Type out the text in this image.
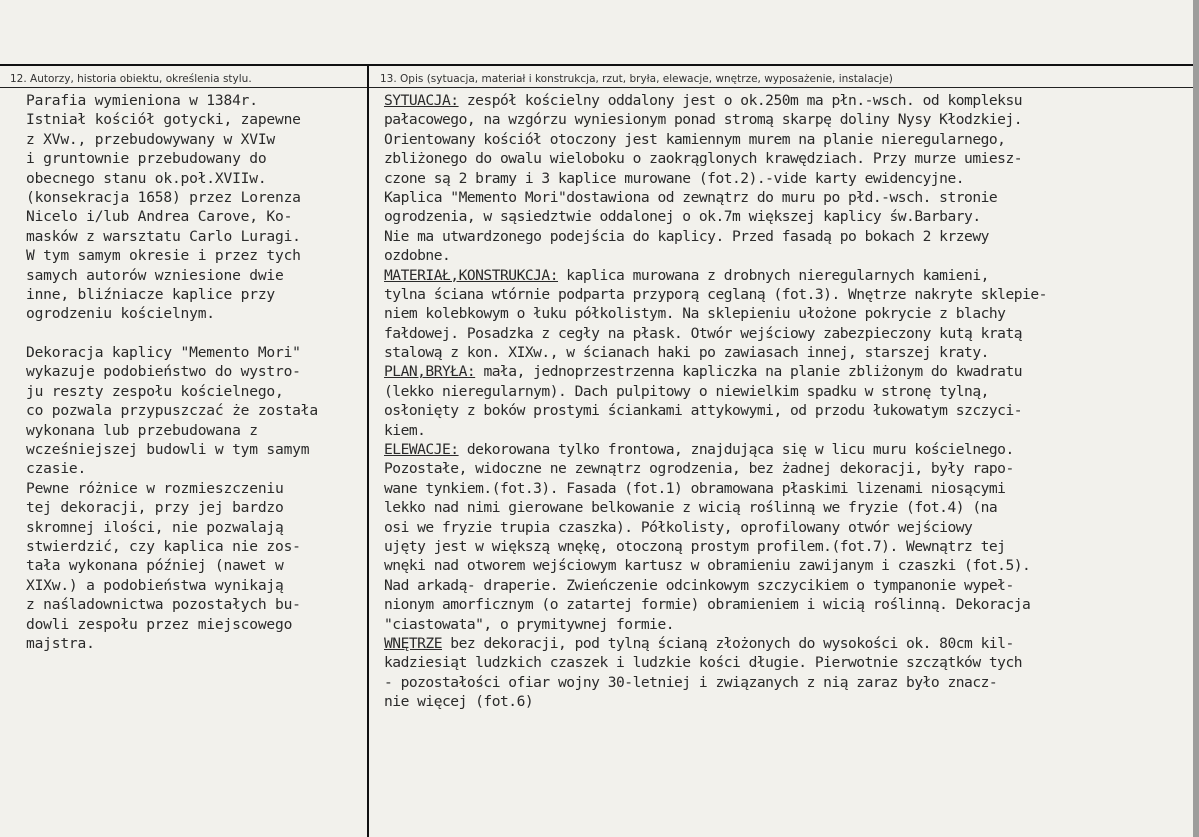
12. Autorzy, historia obiektu, określenia stylu.	13. Opis (sytuacja, materiał i konstrukcja, rzut, bryła, elewacje, wnętrze, wyposażenie, instalacje)
Parafia wymieniona w 1384r.
Istniał kościół gotycki, zapewne
z XVw., przebudowywany w XVIw
i gruntownie przebudowany do
obecnego stanu ok.poł.XVIIw.
(konsekracja 1658) przez Lorenza
Nicelo i/lub Andrea Carove, Ko-
masków z warsztatu Carlo Luragi.
W tym samym okresie i przez tych
samych autorów wzniesione dwie
inne, bliźniacze kaplice przy
ogrodzeniu kościelnym.
Dekoracja kaplicy "Memento Mori"
wykazuje podobieństwo do wystro-
ju reszty zespołu kościelnego,
co pozwala przypuszczać że została
wykonana lub przebudowana z
wcześniejszej budowli w tym samym
czasie.
Pewne różnice w rozmieszczeniu
tej dekoracji, przy jej bardzo
skromnej ilości, nie pozwalają
stwierdzić, czy kaplica nie zos-
tała wykonana później (nawet w
XIXw.) a podobieństwa wynikają
z naśladownictwa pozostałych bu-
dowli zespołu przez miejscowego
majstra.
SYTUACJA: zespół kościelny oddalony jest o ok.250m ma płn.-wsch. od kompleksu
pałacowego, na wzgórzu wyniesionym ponad stromą skarpę doliny Nysy Kłodzkiej.
Orientowany kościół otoczony jest kamiennym murem na planie nieregularnego,
zbliżonego do owalu wieloboku o zaokrąglonych krawędziach. Przy murze umiesz-
czone są 2 bramy i 3 kaplice murowane (fot.2).-vide karty ewidencyjne.
Kaplica "Memento Mori"dostawiona od zewnątrz do muru po płd.-wsch. stronie
ogrodzenia, w sąsiedztwie oddalonej o ok.7m większej kaplicy św.Barbary.
Nie ma utwardzonego podejścia do kaplicy. Przed fasadą po bokach 2 krzewy
ozdobne.
MATERIAŁ,KONSTRUKCJA: kaplica murowana z drobnych nieregularnych kamieni,
tylna ściana wtórnie podparta przyporą ceglaną (fot.3). Wnętrze nakryte sklepie-
niem kolebkowym o łuku półkolistym. Na sklepieniu ułożone pokrycie z blachy
fałdowej. Posadzka z cegły na płask. Otwór wejściowy zabezpieczony kutą kratą
stalową z kon. XIXw., w ścianach haki po zawiasach innej, starszej kraty.
PLAN,BRYŁA: mała, jednoprzestrzenna kapliczka na planie zbliżonym do kwadratu
(lekko nieregularnym). Dach pulpitowy o niewielkim spadku w stronę tylną,
osłonięty z boków prostymi ściankami attykowymi, od przodu łukowatym szczyci-
kiem.
ELEWACJE: dekorowana tylko frontowa, znajdująca się w licu muru kościelnego.
Pozostałe, widoczne ne zewnątrz ogrodzenia, bez żadnej dekoracji, były rapo-
wane tynkiem.(fot.3). Fasada (fot.1) obramowana płaskimi lizenami niosącymi
lekko nad nimi gierowane belkowanie z wicią roślinną we fryzie (fot.4) (na
osi we fryzie trupia czaszka). Półkolisty, oprofilowany otwór wejściowy
ujęty jest w większą wnękę, otoczoną prostym profilem.(fot.7). Wewnątrz tej
wnęki nad otworem wejściowym kartusz w obramieniu zawijanym i czaszki (fot.5).
Nad arkadą- draperie. Zwieńczenie odcinkowym szczycikiem o tympanonie wypeł-
nionym amorficznym (o zatartej formie) obramieniem i wicią roślinną. Dekoracja
"ciastowata", o prymitywnej formie.
WNĘTRZE bez dekoracji, pod tylną ścianą złożonych do wysokości ok. 80cm kil-
kadziesiąt ludzkich czaszek i ludzkie kości długie. Pierwotnie szczątków tych
- pozostałości ofiar wojny 30-letniej i związanych z nią zaraz było znacz-
nie więcej (fot.6)
